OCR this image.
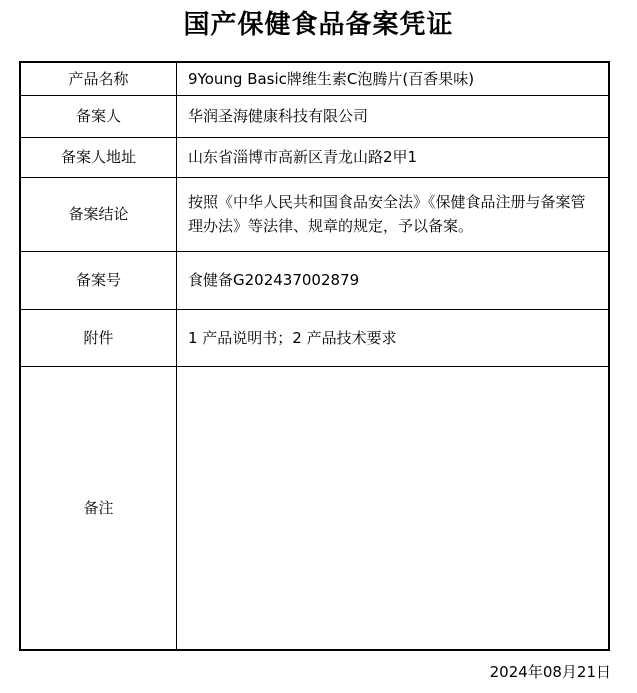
国产保健食品备案凭证
产品名称	9Young Basic牌维生素C泡腾片(百香果味)
备案人	华润圣海健康科技有限公司
备案人地址	山东省淄博市高新区青龙山路2甲1
备案结论	按照《中华人民共和国食品安全法》《保健食品注册与备案管理办法》等法律、规章的规定，予以备案。
备案号	食健备G202437002879
附件	1 产品说明书；2 产品技术要求
备注	
2024年08月21日
